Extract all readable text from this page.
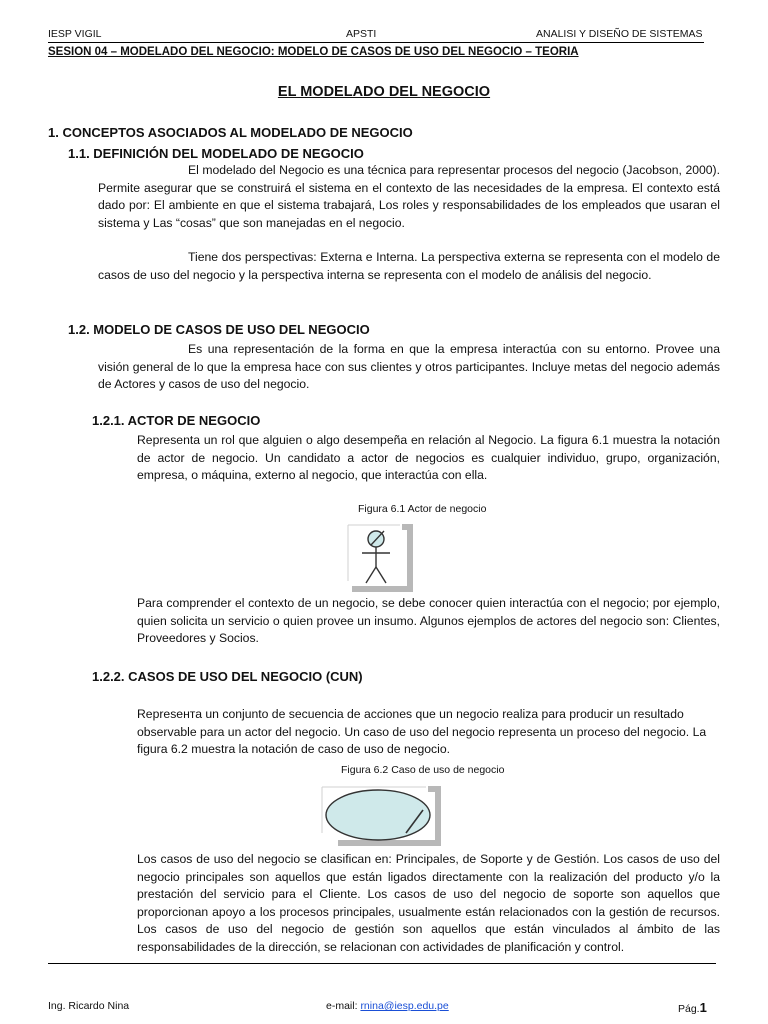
IESP VIGIL	APSTI	ANALISI Y DISEÑO DE SISTEMAS
SESION 04 – MODELADO DEL NEGOCIO: MODELO DE CASOS DE USO DEL NEGOCIO – TEORIA
EL MODELADO DEL NEGOCIO
1. CONCEPTOS ASOCIADOS AL MODELADO DE NEGOCIO
1.1. DEFINICIÓN DEL MODELADO DE NEGOCIO
El modelado del Negocio es una técnica para representar procesos del negocio (Jacobson, 2000). Permite asegurar que se construirá el sistema en el contexto de las necesidades de la empresa. El contexto está dado por: El ambiente en que el sistema trabajará, Los roles y responsabilidades de los empleados que usaran el sistema y Las “cosas” que son manejadas en el negocio.
Tiene dos perspectivas: Externa e Interna. La perspectiva externa se representa con el modelo de casos de uso del negocio y la perspectiva interna se representa con el modelo de análisis del negocio.
1.2. MODELO DE CASOS DE USO DEL NEGOCIO
Es una representación de la forma en que la empresa interactúa con su entorno. Provee una visión general de lo que la empresa hace con sus clientes y otros participantes. Incluye metas del negocio además de Actores y casos de uso del negocio.
1.2.1. ACTOR DE NEGOCIO
Representa un rol que alguien o algo desempeña en relación al Negocio. La figura 6.1 muestra la notación de actor de negocio. Un candidato a actor de negocios es cualquier individuo, grupo, organización, empresa, o máquina, externo al negocio, que interactúa con ella.
Figura 6.1 Actor de negocio
Para comprender el contexto de un negocio, se debe conocer quien interactúa con el negocio; por ejemplo, quien solicita un servicio o quien provee un insumo. Algunos ejemplos de actores del negocio son: Clientes, Proveedores y Socios.
1.2.2. CASOS DE USO DEL NEGOCIO (CUN)
Represента un conjunto de secuencia de acciones que un negocio realiza para producir un resultado observable para un actor del negocio. Un caso de uso del negocio representa un proceso del negocio. La figura 6.2 muestra la notación de caso de uso de negocio.
Figura 6.2 Caso de uso de negocio
Los casos de uso del negocio se clasifican en: Principales, de Soporte y de Gestión. Los casos de uso del negocio principales son aquellos que están ligados directamente con la realización del producto y/o la prestación del servicio para el Cliente. Los casos de uso del negocio de soporte son aquellos que proporcionan apoyo a los procesos principales, usualmente están relacionados con la gestión de recursos. Los casos de uso del negocio de gestión son aquellos que están vinculados al ámbito de las responsabilidades de la dirección, se relacionan con actividades de planificación y control.
Ing. Ricardo Nina	e-mail: rnina@iesp.edu.pe	Pág.1
